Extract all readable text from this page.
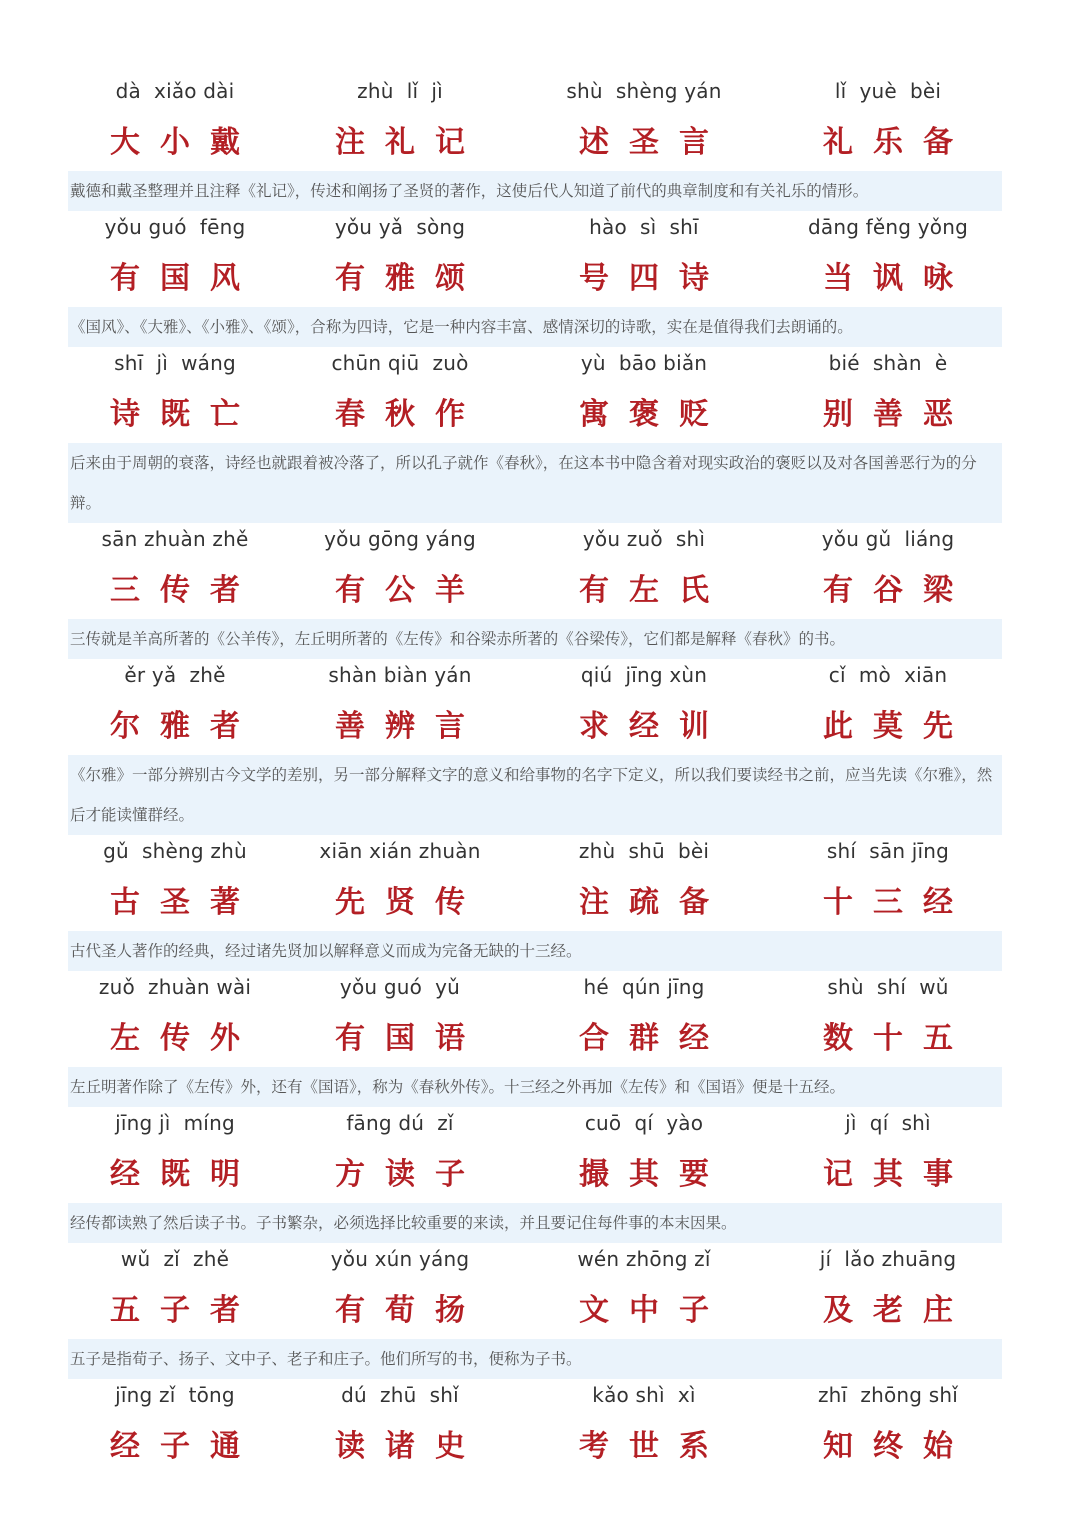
dà  xiǎo dài
大小戴
zhù  lǐ  jì
注礼记
shù  shèng yán
述圣言
lǐ  yuè  bèi
礼乐备
戴德和戴圣整理并且注释《礼记》，传述和阐扬了圣贤的著作，这使后代人知道了前代的典章制度和有关礼乐的情形。
yǒu guó  fēng
有国风
yǒu yǎ  sòng
有雅颂
hào  sì  shī
号四诗
dāng fěng yǒng
当讽咏
《国风》、《大雅》、《小雅》、《颂》，合称为四诗，它是一种内容丰富、感情深切的诗歌，实在是值得我们去朗诵的。
shī  jì  wáng
诗既亡
chūn qiū  zuò
春秋作
yù  bāo biǎn
寓褒贬
bié  shàn  è
别善恶
后来由于周朝的衰落，诗经也就跟着被冷落了，所以孔子就作《春秋》，在这本书中隐含着对现实政治的褒贬以及对各国善恶行为的分辩。
sān zhuàn zhě
三传者
yǒu gōng yáng
有公羊
yǒu zuǒ  shì
有左氏
yǒu gǔ  liáng
有谷梁
三传就是羊高所著的《公羊传》，左丘明所著的《左传》和谷梁赤所著的《谷梁传》，它们都是解释《春秋》的书。
ěr yǎ  zhě
尔雅者
shàn biàn yán
善辨言
qiú  jīng xùn
求经训
cǐ  mò  xiān
此莫先
《尔雅》一部分辨别古今文学的差别，另一部分解释文字的意义和给事物的名字下定义，所以我们要读经书之前，应当先读《尔雅》，然后才能读懂群经。
gǔ  shèng zhù
古圣著
xiān xián zhuàn
先贤传
zhù  shū  bèi
注疏备
shí  sān jīng
十三经
古代圣人著作的经典，经过诸先贤加以解释意义而成为完备无缺的十三经。
zuǒ  zhuàn wài
左传外
yǒu guó  yǔ
有国语
hé  qún jīng
合群经
shù  shí  wǔ
数十五
左丘明著作除了《左传》外，还有《国语》，称为《春秋外传》。十三经之外再加《左传》和《国语》便是十五经。
jīng jì  míng
经既明
fāng dú  zǐ
方读子
cuō  qí  yào
撮其要
jì  qí  shì
记其事
经传都读熟了然后读子书。子书繁杂，必须选择比较重要的来读，并且要记住每件事的本末因果。
wǔ  zǐ  zhě
五子者
yǒu xún yáng
有荀扬
wén zhōng zǐ
文中子
jí  lǎo zhuāng
及老庄
五子是指荀子、扬子、文中子、老子和庄子。他们所写的书，便称为子书。
jīng zǐ  tōng
经子通
dú  zhū  shǐ
读诸史
kǎo shì  xì
考世系
zhī  zhōng shǐ
知终始
